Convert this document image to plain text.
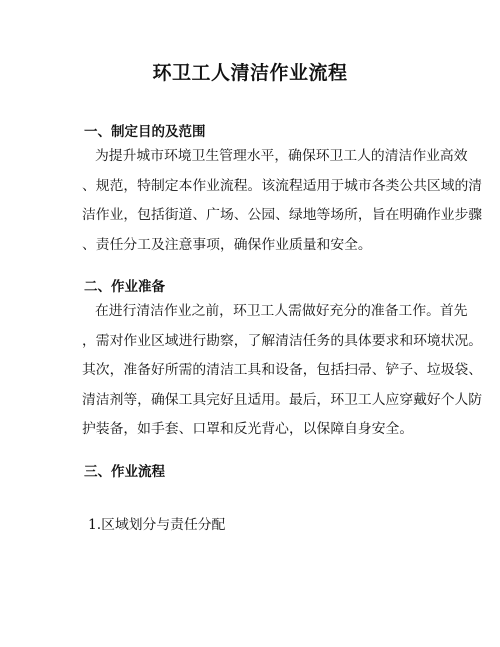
环卫工人清洁作业流程
一、制定目的及范围

为提升城市环境卫生管理水平，确保环卫工人的清洁作业高效
、规范，特制定本作业流程。该流程适用于城市各类公共区域的清
洁作业，包括街道、广场、公园、绿地等场所，旨在明确作业步骤
、责任分工及注意事项，确保作业质量和安全。

二、作业准备

在进行清洁作业之前，环卫工人需做好充分的准备工作。首先
，需对作业区域进行勘察，了解清洁任务的具体要求和环境状况。
其次，准备好所需的清洁工具和设备，包括扫帚、铲子、垃圾袋、
清洁剂等，确保工具完好且适用。最后，环卫工人应穿戴好个人防
护装备，如手套、口罩和反光背心，以保障自身安全。

三、作业流程

1.区域划分与责任分配
